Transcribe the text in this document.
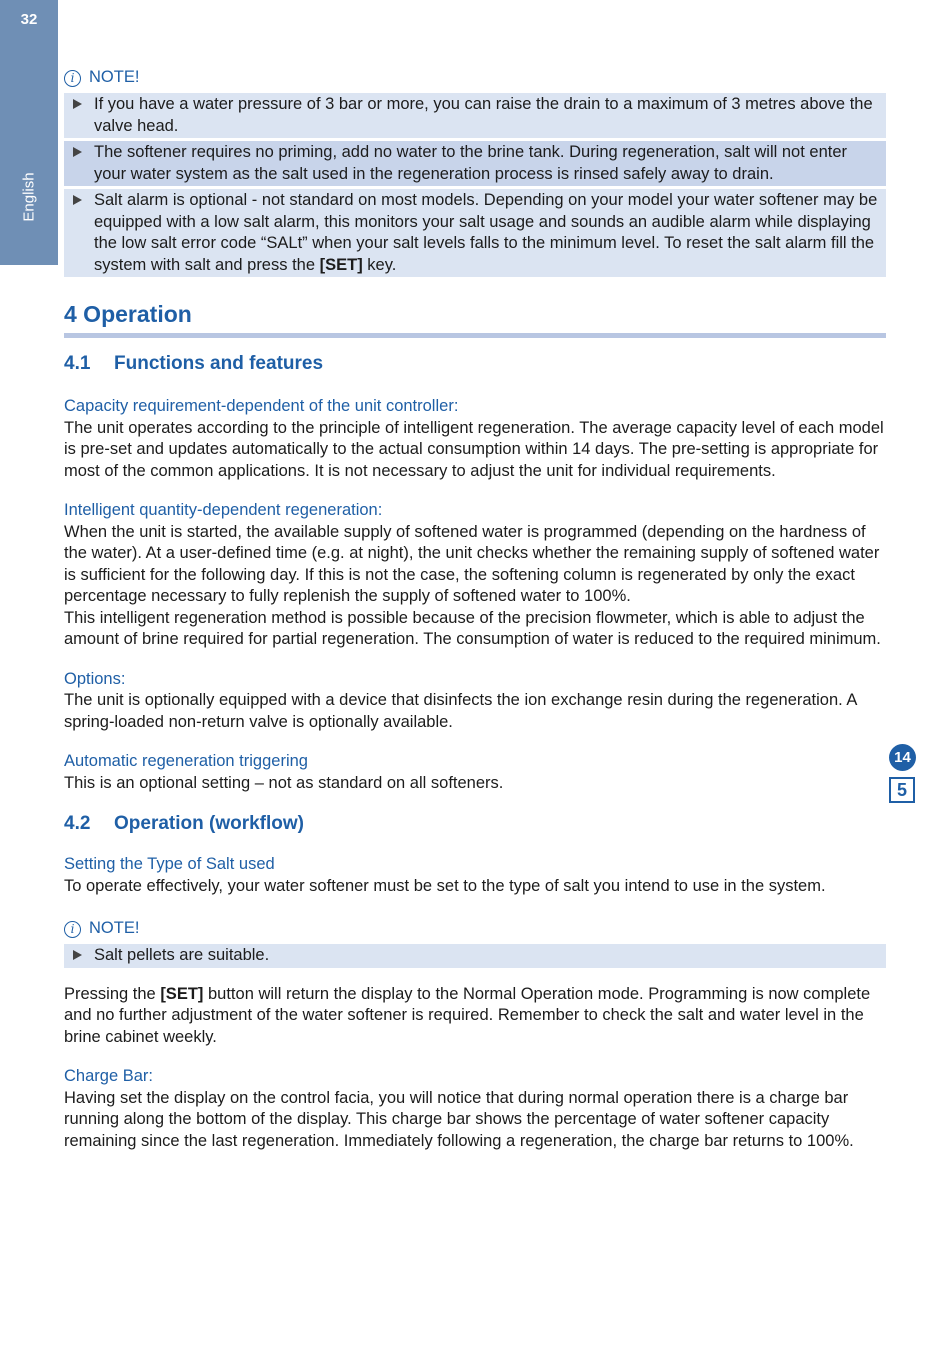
32
English
i NOTE!
If you have a water pressure of 3 bar or more, you can raise the drain to a maximum of 3 metres above the valve head.
The softener requires no priming, add no water to the brine tank. During regeneration, salt will not enter your water system as the salt used in the regeneration process is rinsed safely away to drain.
Salt alarm is optional - not standard on most models. Depending on your model your water softener may be equipped with a low salt alarm, this monitors your salt usage and sounds an audible alarm while displaying the low salt error code “SALt” when your salt levels falls to the minimum level. To reset the salt alarm fill the system with salt and press the [SET] key.
4 Operation
4.1 Functions and features
Capacity requirement-dependent of the unit controller:

The unit operates according to the principle of intelligent regeneration. The average capacity level of each model is pre-set and updates automatically to the actual consumption within 14 days. The pre-setting is appropriate for most of the common applications. It is not necessary to adjust the unit for individual requirements.

Intelligent quantity-dependent regeneration:

When the unit is started, the available supply of softened water is programmed (depending on the hardness of the water). At a user-defined time (e.g. at night), the unit checks whether the remaining supply of softened water is sufficient for the following day. If this is not the case, the softening column is regenerated by only the exact percentage necessary to fully replenish the supply of softened water to 100%.

This intelligent regeneration method is possible because of the precision flowmeter, which is able to adjust the amount of brine required for partial regeneration. The consumption of water is reduced to the required minimum.

Options:

The unit is optionally equipped with a device that disinfects the ion exchange resin during the regeneration. A spring-loaded non-return valve is optionally available.

Automatic regeneration triggering

This is an optional setting – not as standard on all softeners.

4.2 Operation (workflow)
Setting the Type of Salt used

To operate effectively, your water softener must be set to the type of salt you intend to use in the system.

i NOTE!
Salt pellets are suitable.

Pressing the [SET] button will return the display to the Normal Operation mode. Programming is now complete and no further adjustment of the water softener is required. Remember to check the salt and water level in the brine cabinet weekly.

Charge Bar:

Having set the display on the control facia, you will notice that during normal operation there is a charge bar running along the bottom of the display. This charge bar shows the percentage of water softener capacity remaining since the last regeneration. Immediately following a regeneration, the charge bar returns to 100%.

14
5
